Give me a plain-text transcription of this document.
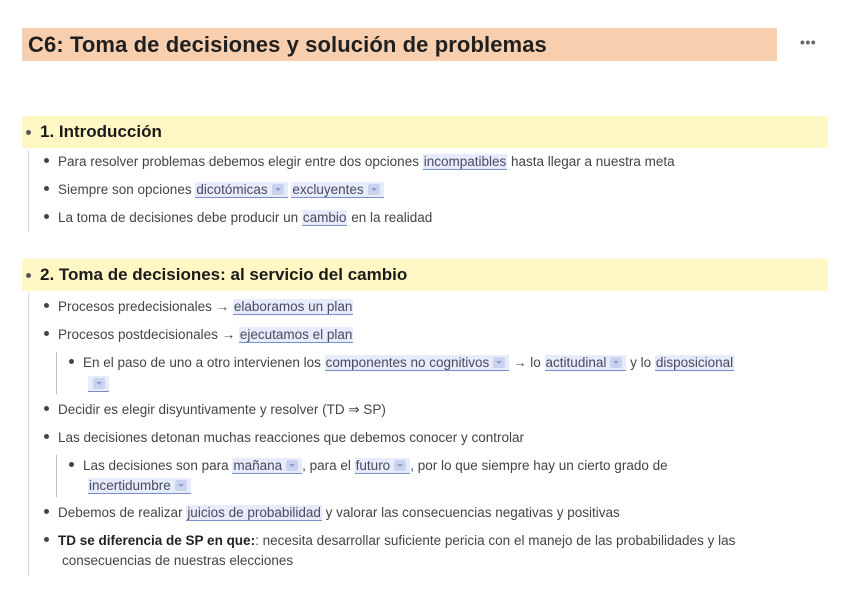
C6: Toma de decisiones y solución de problemas	•••
1. Introducción
Para resolver problemas debemos elegir entre dos opciones incompatibles hasta llegar a nuestra meta
Siempre son opciones dicotómicas excluyentes
La toma de decisiones debe producir un cambio en la realidad
2. Toma de decisiones: al servicio del cambio
Procesos predecisionales → elaboramos un plan
Procesos postdecisionales → ejecutamos el plan
En el paso de uno a otro intervienen los componentes no cognitivos → lo actitudinal y lo disposicional
Decidir es elegir disyuntivamente y resolver (TD ⇒ SP)
Las decisiones detonan muchas reacciones que debemos conocer y controlar
Las decisiones son para mañana , para el futuro , por lo que siempre hay un cierto grado de
incertidumbre
Debemos de realizar juicios de probabilidad y valorar las consecuencias negativas y positivas
TD se diferencia de SP en que:: necesita desarrollar suficiente pericia con el manejo de las probabilidades y las
consecuencias de nuestras elecciones
